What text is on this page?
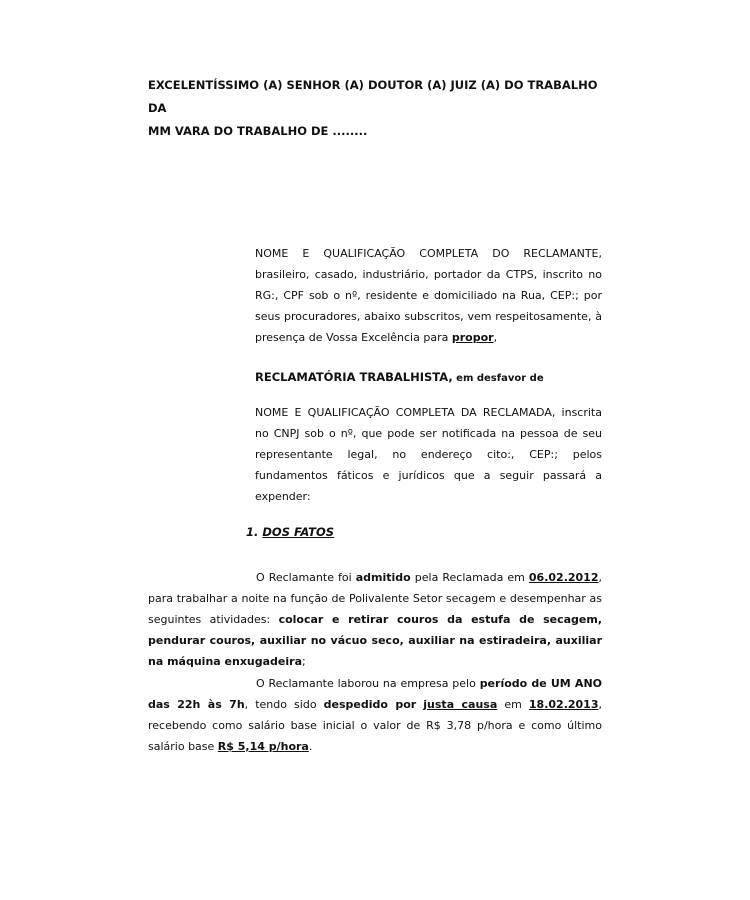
EXCELENTÍSSIMO (A) SENHOR (A) DOUTOR (A) JUIZ (A) DO TRABALHO DA
MM VARA DO TRABALHO DE ........
NOME E QUALIFICAÇÃO COMPLETA DO RECLAMANTE, brasileiro, casado, industriário, portador da CTPS, inscrito no RG:, CPF sob o nº, residente e domiciliado na Rua, CEP:; por seus procuradores, abaixo subscritos, vem respeitosamente, à presença de Vossa Excelência para propor,
RECLAMATÓRIA TRABALHISTA, em desfavor de
NOME E QUALIFICAÇÃO COMPLETA DA RECLAMADA, inscrita no CNPJ sob o nº, que pode ser notificada na pessoa de seu representante legal, no endereço cito:, CEP:; pelos fundamentos fáticos e jurídicos que a seguir passará a expender:
1. DOS FATOS
O Reclamante foi admitido pela Reclamada em 06.02.2012, para trabalhar a noite na função de Polivalente Setor secagem e desempenhar as seguintes atividades: colocar e retirar couros da estufa de secagem, pendurar couros, auxiliar no vácuo seco, auxiliar na estiradeira, auxiliar na máquina enxugadeira;
O Reclamante laborou na empresa pelo período de UM ANO das 22h às 7h, tendo sido despedido por justa causa em 18.02.2013, recebendo como salário base inicial o valor de R$ 3,78 p/hora e como último salário base R$ 5,14 p/hora.
